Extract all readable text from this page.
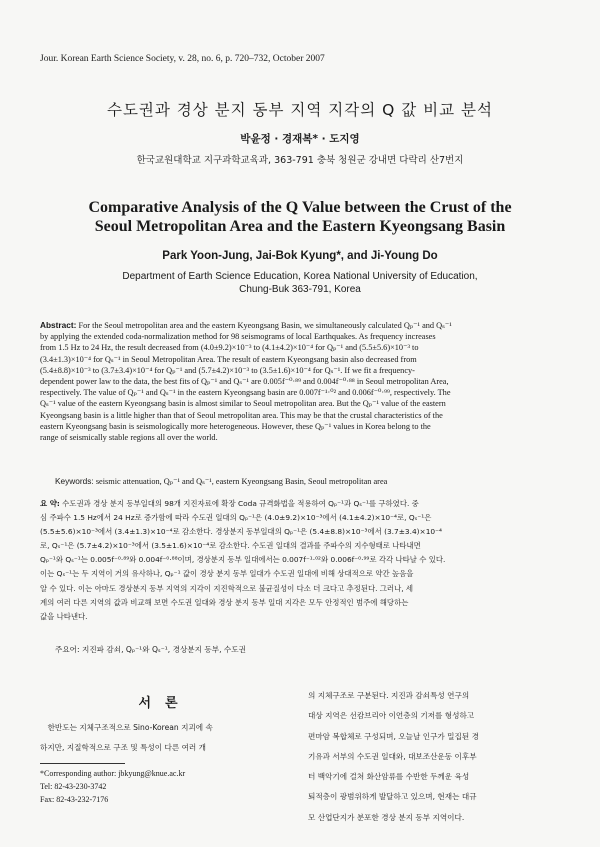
Jour. Korean Earth Science Society, v. 28, no. 6, p. 720–732, October 2007
수도권과 경상 분지 동부 지역 지각의 Q 값 비교 분석
박윤정 · 경재복* · 도지영
한국교원대학교 지구과학교육과, 363-791 충북 청원군 강내면 다락리 산7번지
Comparative Analysis of the Q Value between the Crust of the
Seoul Metropolitan Area and the Eastern Kyeongsang Basin
Park Yoon-Jung, Jai-Bok Kyung*, and Ji-Young Do
Department of Earth Science Education, Korea National University of Education,
Chung-Buk 363-791, Korea
Abstract: For the Seoul metropolitan area and the eastern Kyeongsang Basin, we simultaneously calculated Qₚ⁻¹ and Qₛ⁻¹
by applying the extended coda-normalization method for 98 seismograms of local Earthquakes. As frequency increases
from 1.5 Hz to 24 Hz, the result decreased from (4.0±9.2)×10⁻³ to (4.1±4.2)×10⁻⁴ for Qₚ⁻¹ and (5.5±5.6)×10⁻³ to
(3.4±1.3)×10⁻⁴ for Qₛ⁻¹ in Seoul Metropolitan Area. The result of eastern Kyeongsang basin also decreased from
(5.4±8.8)×10⁻³ to (3.7±3.4)×10⁻⁴ for Qₚ⁻¹ and (5.7±4.2)×10⁻³ to (3.5±1.6)×10⁻⁴ for Qₛ⁻¹. If we fit a frequency-
dependent power law to the data, the best fits of Qₚ⁻¹ and Qₛ⁻¹ are 0.005f⁻⁰·⁸⁹ and 0.004f⁻⁰·⁸⁸ in Seoul metropolitan Area,
respectively. The value of Qₚ⁻¹ and Qₛ⁻¹ in the eastern Kyeongsang basin are 0.007f⁻¹·⁰² and 0.006f⁻⁰·⁹⁹, respectively. The
Qₛ⁻¹ value of the eastern Kyeongsang basin is almost similar to Seoul metropolitan area. But the Qₚ⁻¹ value of the eastern
Kyeongsang basin is a little higher than that of Seoul metropolitan area. This may be that the crustal characteristics of the
eastern Kyeongsang basin is seismologically more heterogeneous. However, these Qₚ⁻¹ values in Korea belong to the
range of seismically stable regions all over the world.
Keywords: seismic attenuation, Qₚ⁻¹ and Qₛ⁻¹, eastern Kyeongsang Basin, Seoul metropolitan area
요 약: 수도권과 경상 분지 동부일대의 98개 지진자료에 확장 Coda 규격화법을 적용하여 Qₚ⁻¹과 Qₛ⁻¹를 구하였다. 중
심 주파수 1.5 Hz에서 24 Hz로 증가함에 따라 수도권 일대의 Qₚ⁻¹은 (4.0±9.2)×10⁻³에서 (4.1±4.2)×10⁻⁴로, Qₛ⁻¹은
(5.5±5.6)×10⁻³에서 (3.4±1.3)×10⁻⁴로 감소한다. 경상분지 동부일대의 Qₚ⁻¹은 (5.4±8.8)×10⁻³에서 (3.7±3.4)×10⁻⁴
로, Qₛ⁻¹은 (5.7±4.2)×10⁻³에서 (3.5±1.6)×10⁻⁴로 감소한다. 수도권 일대의 결과를 주파수의 지수형태로 나타내면
Qₚ⁻¹와 Qₛ⁻¹는 0.005f⁻⁰·⁸⁹와 0.004f⁻⁰·⁸⁸이며, 경상분지 동부 일대에서는 0.007f⁻¹·⁰²와 0.006f⁻⁰·⁹⁹로 각각 나타날 수 있다.
이는 Qₛ⁻¹는 두 지역이 거의 유사하나, Qₚ⁻¹ 값이 경상 분지 동부 일대가 수도권 일대에 비해 상대적으로 약간 높음을
알 수 있다. 이는 아마도 경상분지 동부 지역의 지각이 지진학적으로 불균질성이 다소 더 크다고 추정된다. 그러나, 세
계의 여러 다른 지역의 값과 비교해 보면 수도권 일대와 경상 분지 동부 일대 지각은 모두 안정적인 범주에 해당하는
값을 나타낸다.
주요어: 지진파 감쇠, Qₚ⁻¹와 Qₛ⁻¹, 경상분지 동부, 수도권
서론
　한반도는 지체구조적으로 Sino-Korean 지괴에 속
하지만, 지질학적으로 구조 및 특성이 다른 여러 개
*Corresponding author: jbkyung@knue.ac.kr
Tel: 82-43-230-3742
Fax: 82-43-232-7176
의 지체구조로 구분된다. 지진과 감쇠특성 연구의
대상 지역은 선캄브리아 이언층의 기저를 형성하고
편마암 복합체로 구성되며, 오늘날 인구가 밀집된 경
기유과 서부의 수도권 일대와, 대보조산운동 이후부
터 백악기에 걸쳐 화산암류를 수반한 두께운 육성
퇴적층이 광범위하게 발달하고 있으며, 현재는 대규
모 산업단지가 분포한 경상 분지 동부 지역이다.
